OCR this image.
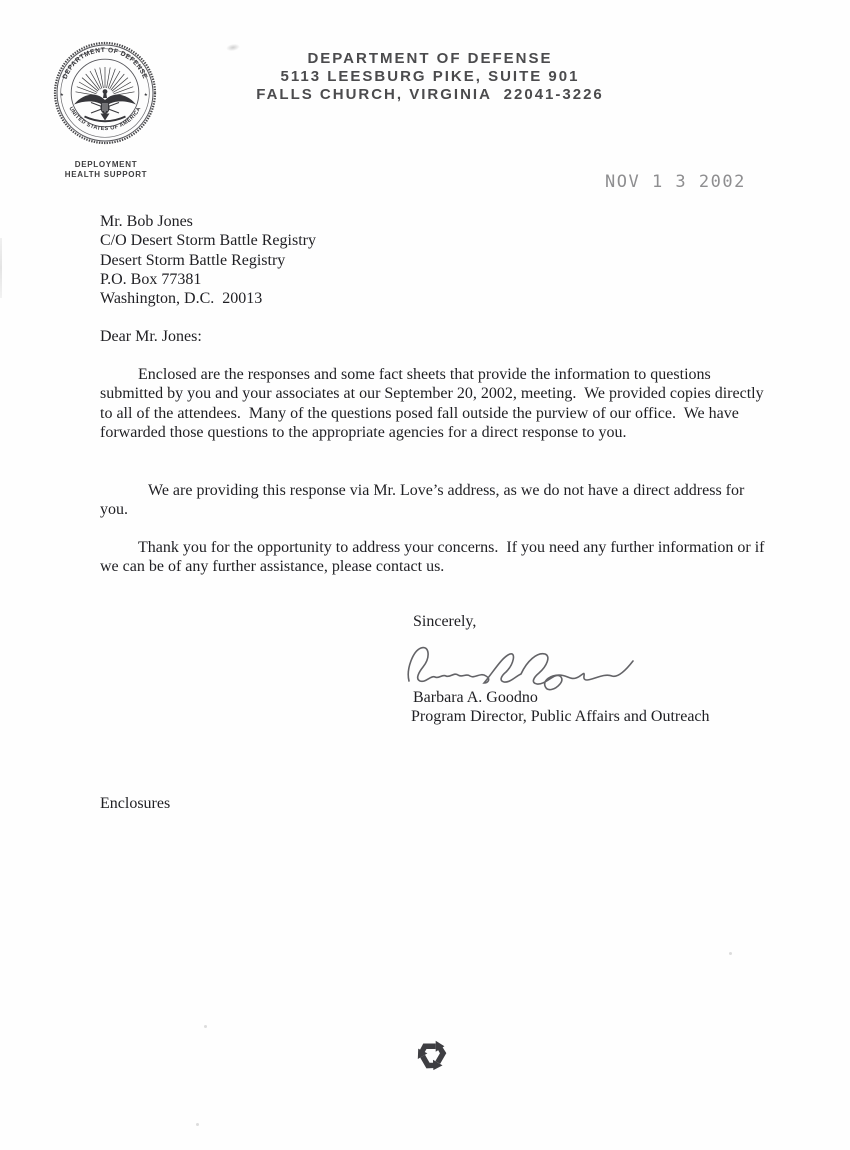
DEPARTMENT OF DEFENSE
UNITED STATES OF AMERICA
★	★
DEPLOYMENT
HEALTH SUPPORT
DEPARTMENT OF DEFENSE
5113 LEESBURG PIKE, SUITE 901
FALLS CHURCH, VIRGINIA  22041-3226
NOV 1 3 2002
Mr. Bob Jones
C/O Desert Storm Battle Registry
Desert Storm Battle Registry
P.O. Box 77381
Washington, D.C.  20013
Dear Mr. Jones:

Enclosed are the responses and some fact sheets that provide the information to questions submitted by you and your associates at our September 20, 2002, meeting.  We provided copies directly to all of the attendees.  Many of the questions posed fall outside the purview of our office.  We have forwarded those questions to the appropriate agencies for a direct response to you.

We are providing this response via Mr. Love’s address, as we do not have a direct address for you.

Thank you for the opportunity to address your concerns.  If you need any further information or if we can be of any further assistance, please contact us.

Sincerely,
Barbara A. Goodno
Program Director, Public Affairs and Outreach
Enclosures
